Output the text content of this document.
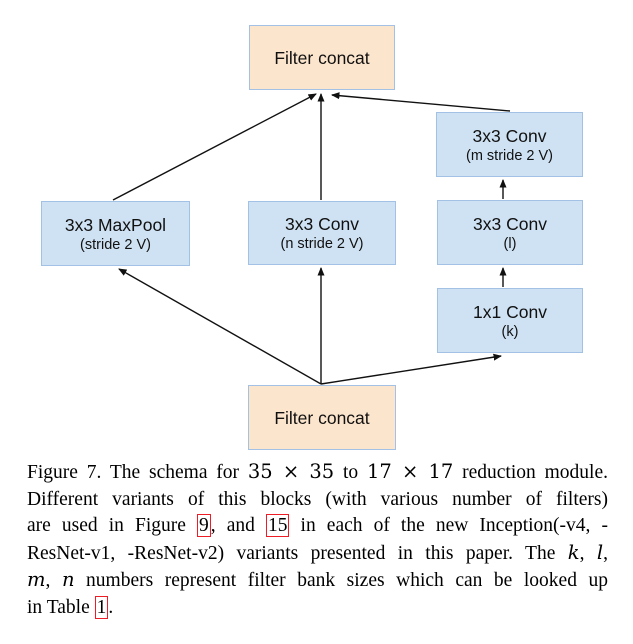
Filter concat
3x3 Conv
(m stride 2 V)
3x3 MaxPool
(stride 2 V)
3x3 Conv
(n stride 2 V)
3x3 Conv
(l)
1x1 Conv
(k)
Filter concat
Figure 7. The schema for 35 × 35 to 17 × 17 reduction module.
Different variants of this blocks (with various number of filters)
are used in Figure 9 , and 15 in each of the new Inception(-v4, -
ResNet-v1, -ResNet-v2) variants presented in this paper. The k, l,
m, n numbers represent filter bank sizes which can be looked up
in Table 1 .
